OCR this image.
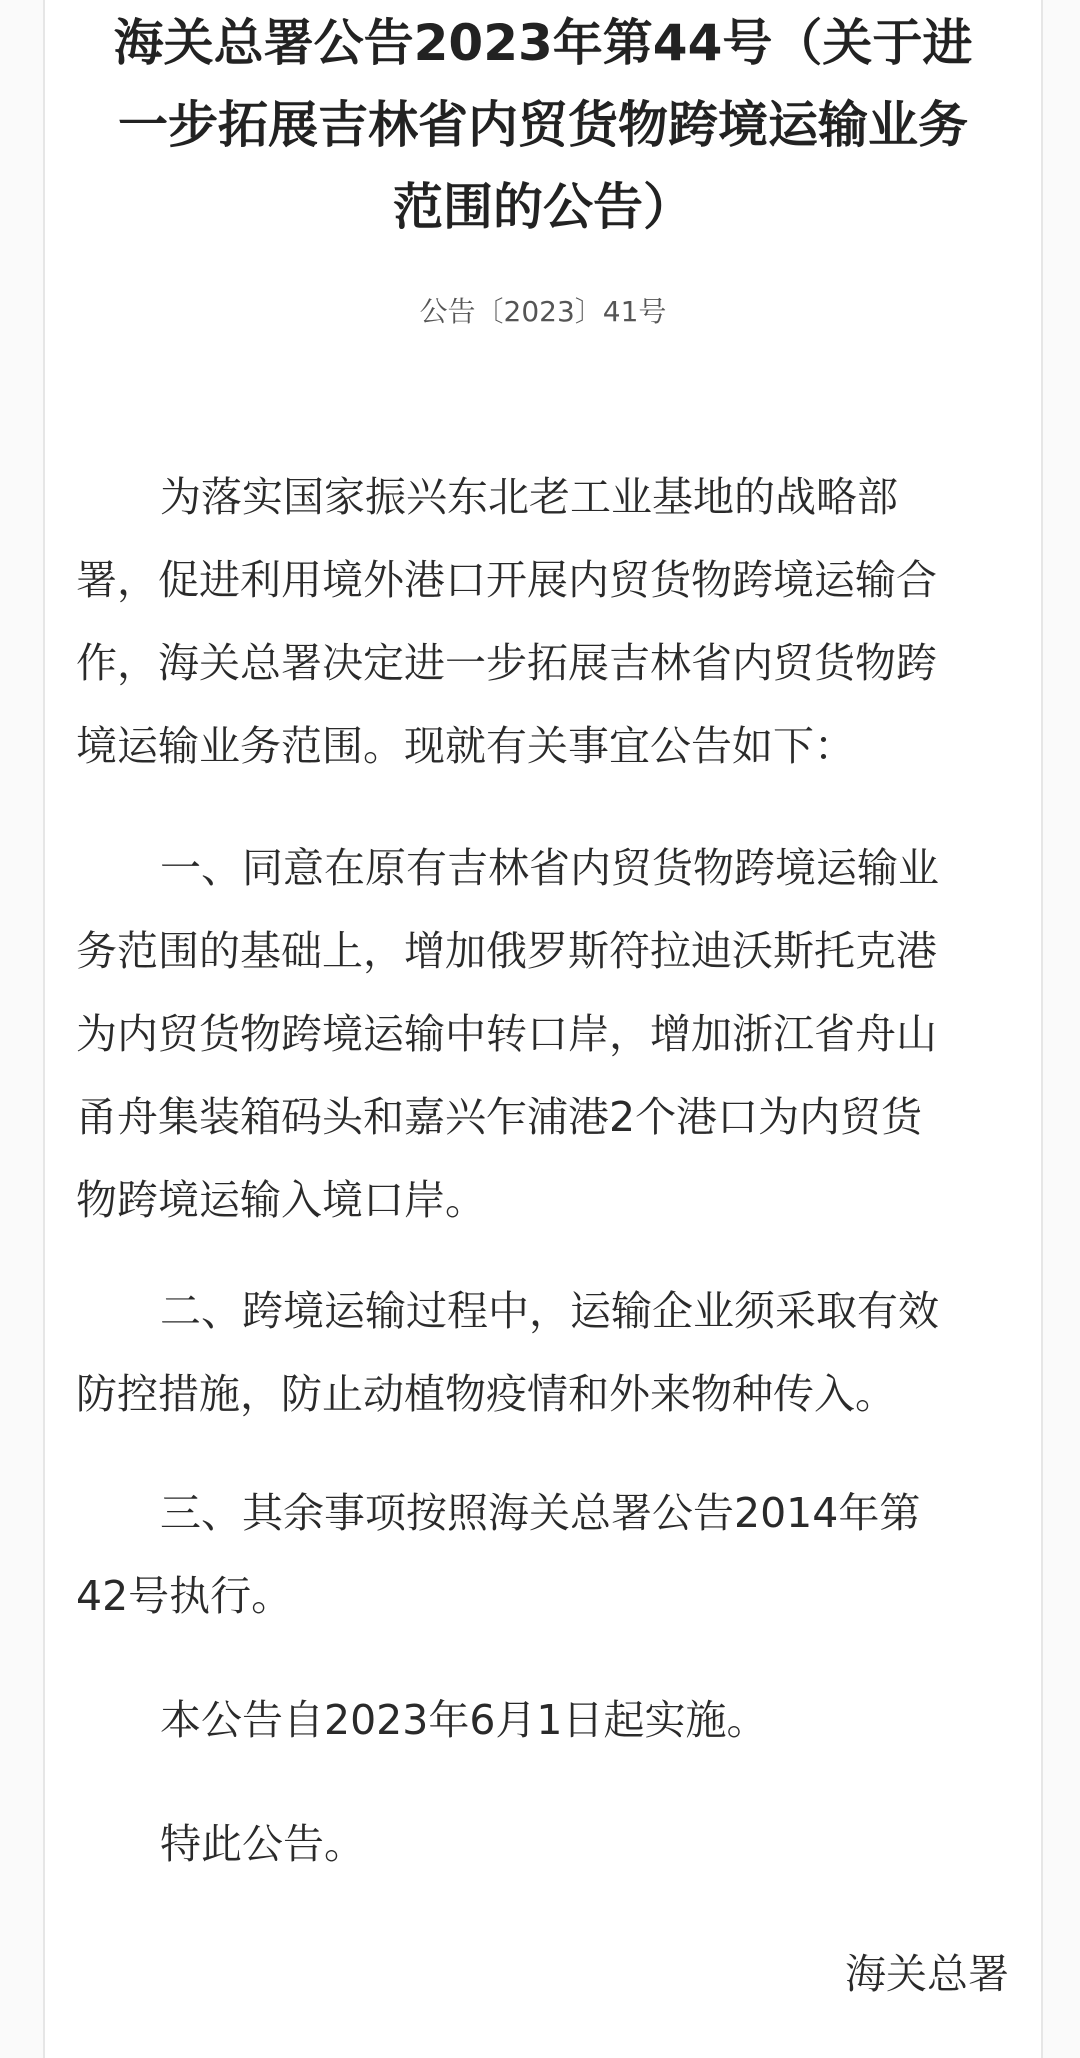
海关总署公告2023年第44号（关于进
一步拓展吉林省内贸货物跨境运输业务
范围的公告）
公告〔2023〕41号
为落实国家振兴东北老工业基地的战略部
署，促进利用境外港口开展内贸货物跨境运输合
作，海关总署决定进一步拓展吉林省内贸货物跨
境运输业务范围。现就有关事宜公告如下：
一、同意在原有吉林省内贸货物跨境运输业
务范围的基础上，增加俄罗斯符拉迪沃斯托克港
为内贸货物跨境运输中转口岸，增加浙江省舟山
甬舟集装箱码头和嘉兴乍浦港2个港口为内贸货
物跨境运输入境口岸。
二、跨境运输过程中，运输企业须采取有效
防控措施，防止动植物疫情和外来物种传入。
三、其余事项按照海关总署公告2014年第
42号执行。
本公告自2023年6月1日起实施。
特此公告。
海关总署
